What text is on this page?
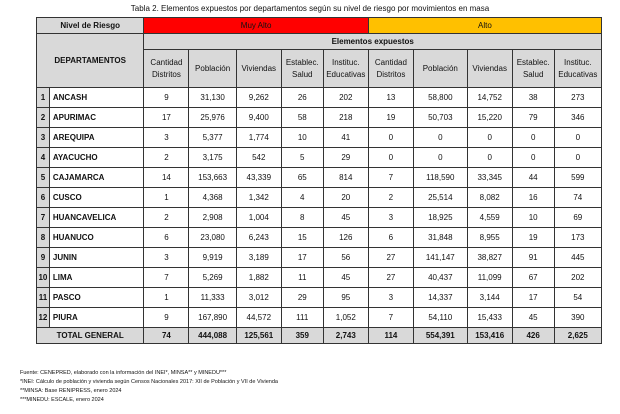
Tabla 2. Elementos expuestos por departamentos según su nivel de riesgo por movimientos en masa
Nivel de Riesgo		Muy Alto					Alto				
DEPARTAMENTOS		Elementos expuestos									
		Cantidad Distritos	Población	Viviendas	Establec. Salud	Instituc. Educativas	Cantidad Distritos	Población	Viviendas	Establec. Salud	Instituc. Educativas
1	ANCASH	9	31,130	9,262	26	202	13	58,800	14,752	38	273
2	APURIMAC	17	25,976	9,400	58	218	19	50,703	15,220	79	346
3	AREQUIPA	3	5,377	1,774	10	41	0	0	0	0	0
4	AYACUCHO	2	3,175	542	5	29	0	0	0	0	0
5	CAJAMARCA	14	153,663	43,339	65	814	7	118,590	33,345	44	599
6	CUSCO	1	4,368	1,342	4	20	2	25,514	8,082	16	74
7	HUANCAVELICA	2	2,908	1,004	8	45	3	18,925	4,559	10	69
8	HUANUCO	6	23,080	6,243	15	126	6	31,848	8,955	19	173
9	JUNIN	3	9,919	3,189	17	56	27	141,147	38,827	91	445
10	LIMA	7	5,269	1,882	11	45	27	40,437	11,099	67	202
11	PASCO	1	11,333	3,012	29	95	3	14,337	3,144	17	54
12	PIURA	9	167,890	44,572	111	1,052	7	54,110	15,433	45	390
TOTAL GENERAL		74	444,088	125,561	359	2,743	114	554,391	153,416	426	2,625
Fuente: CENEPRED, elaborado con la información del INEI*, MINSA** y MINEDU***
*INEI: Cálculo de población y vivienda según Censos Nacionales 2017: XII de Población y VII de Vivienda
**MINSA: Base RENIPRESS, enero 2024
***MINEDU: ESCALE, enero 2024
